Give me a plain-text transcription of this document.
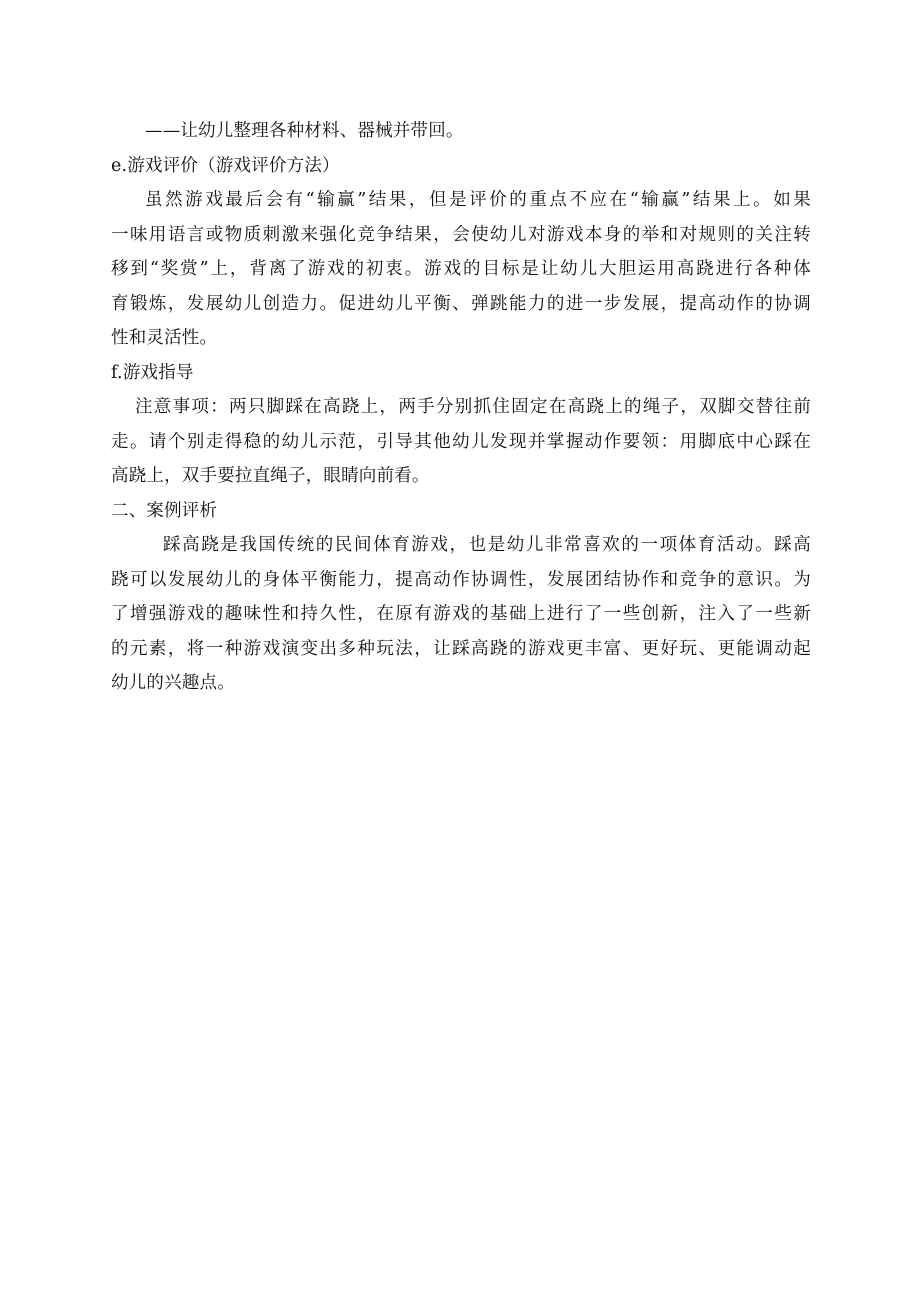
——让幼儿整理各种材料、器械并带回。
e.游戏评价（游戏评价方法）
虽然游戏最后会有“输赢”结果，但是评价的重点不应在“输赢”结果上。如果
一味用语言或物质刺激来强化竞争结果，会使幼儿对游戏本身的举和对规则的关注转
移到“奖赏”上，背离了游戏的初衷。游戏的目标是让幼儿大胆运用高跷进行各种体
育锻炼，发展幼儿创造力。促进幼儿平衡、弹跳能力的进一步发展，提高动作的协调
性和灵活性。
f.游戏指导
注意事项：两只脚踩在高跷上，两手分别抓住固定在高跷上的绳子，双脚交替往前
走。请个别走得稳的幼儿示范，引导其他幼儿发现并掌握动作要领：用脚底中心踩在
高跷上，双手要拉直绳子，眼睛向前看。
二、案例评析
踩高跷是我国传统的民间体育游戏，也是幼儿非常喜欢的一项体育活动。踩高
跷可以发展幼儿的身体平衡能力，提高动作协调性，发展团结协作和竞争的意识。为
了增强游戏的趣味性和持久性，在原有游戏的基础上进行了一些创新，注入了一些新
的元素，将一种游戏演变出多种玩法，让踩高跷的游戏更丰富、更好玩、更能调动起
幼儿的兴趣点。
